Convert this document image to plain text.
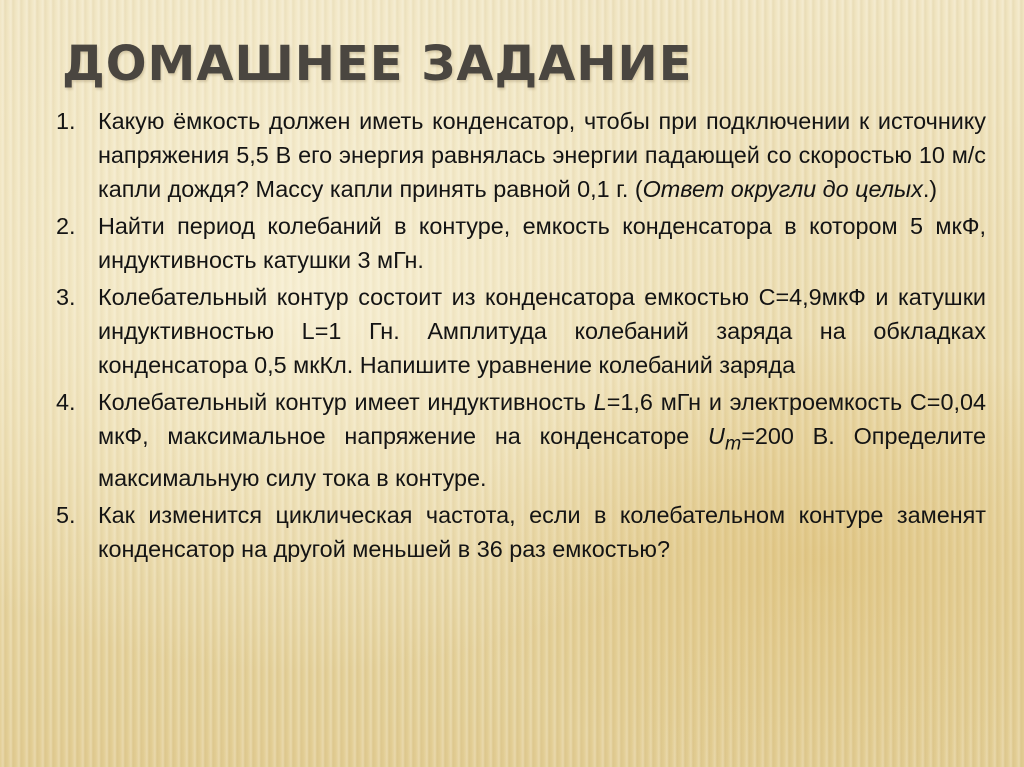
ДОМАШНЕЕ ЗАДАНИЕ
1. Какую ёмкость должен иметь конденсатор, чтобы при подключении к источнику напряжения 5,5 В его энергия равнялась энергии падающей со скоростью 10 м/с капли дождя? Массу капли принять равной 0,1 г. (Ответ округли до целых.)
2. Найти период колебаний в контуре, емкость конденсатора в котором 5 мкФ, индуктивность катушки 3 мГн.
3. Колебательный контур состоит из конденсатора емкостью С=4,9мкФ и катушки индуктивностью L=1 Гн. Амплитуда колебаний заряда на обкладках конденсатора 0,5 мкКл. Напишите уравнение колебаний заряда
4. Колебательный контур имеет индуктивность L=1,6 мГн и электроемкость С=0,04 мкФ, максимальное напряжение на конденсаторе $U_m=200$ В. Определите максимальную силу тока в контуре.
5. Как изменится циклическая частота, если в колебательном контуре заменят конденсатор на другой меньшей в 36 раз емкостью?
